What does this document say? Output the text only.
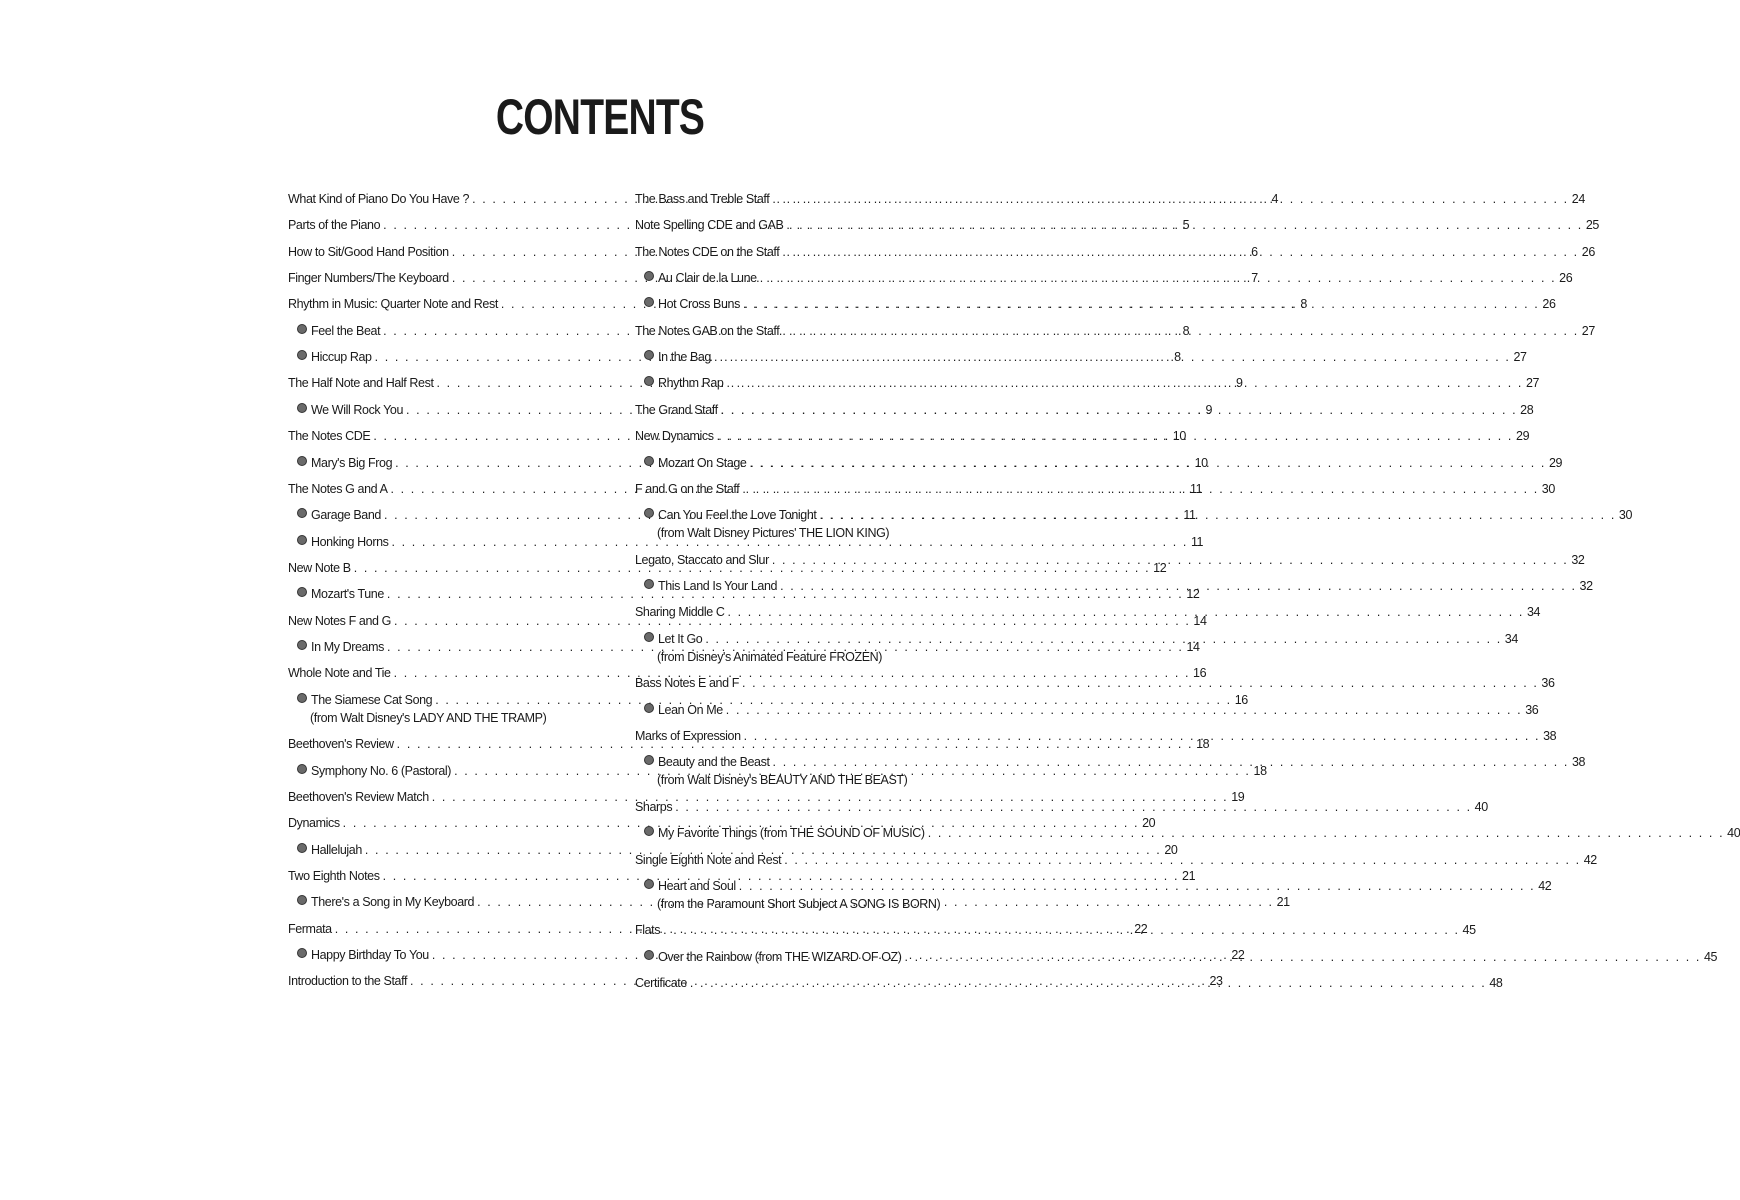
CONTENTS
What Kind of Piano Do You Have ? . . .	4
Parts of the Piano . . .	5
How to Sit/Good Hand Position . . .	6
Finger Numbers/The Keyboard . . .	7
Rhythm in Music: Quarter Note and Rest . . .	8
Feel the Beat . . .	8
Hiccup Rap . . .	8
The Half Note and Half Rest . . .	9
We Will Rock You . . .	9
The Notes CDE . . .	10
Mary's Big Frog . . .	10
The Notes G and A . . .	11
Garage Band . . .	11
Honking Horns . . .	11
New Note B . . .	12
Mozart's Tune . . .	12
New Notes F and G . . .	14
In My Dreams . . .	14
Whole Note and Tie . . .	16
The Siamese Cat Song . . .	16
(from Walt Disney's LADY AND THE TRAMP)
Beethoven's Review . . .	18
Symphony No. 6 (Pastoral) . . .	18
Beethoven's Review Match . . .	19
Dynamics . . .	20
Hallelujah . . .	20
Two Eighth Notes . . .	21
There's a Song in My Keyboard . . .	21
Fermata . . .	22
Happy Birthday To You . . .	22
Introduction to the Staff . . .	23
The Bass and Treble Staff . . .	24
Note Spelling CDE and GAB . . .	25
The Notes CDE on the Staff . . .	26
Au Clair de la Lune . . .	26
Hot Cross Buns . . .	26
The Notes GAB on the Staff . . .	27
In the Bag . . .	27
Rhythm Rap . . .	27
The Grand Staff . . .	28
New Dynamics . . .	29
Mozart On Stage . . .	29
F and G on the Staff . . .	30
Can You Feel the Love Tonight . . .	30
(from Walt Disney Pictures' THE LION KING)
Legato, Staccato and Slur . . .	32
This Land Is Your Land . . .	32
Sharing Middle C . . .	34
Let It Go . . .	34
(from Disney's Animated Feature FROZEN)
Bass Notes E and F . . .	36
Lean On Me . . .	36
Marks of Expression . . .	38
Beauty and the Beast . . .	38
(from Walt Disney's BEAUTY AND THE BEAST)
Sharps . . .	40
My Favorite Things (from THE SOUND OF MUSIC) . . .	40
Single Eighth Note and Rest . . .	42
Heart and Soul . . .	42
(from the Paramount Short Subject A SONG IS BORN)
Flats . . .	45
Over the Rainbow (from THE WIZARD OF OZ) . . .	45
Certificate . . .	48
